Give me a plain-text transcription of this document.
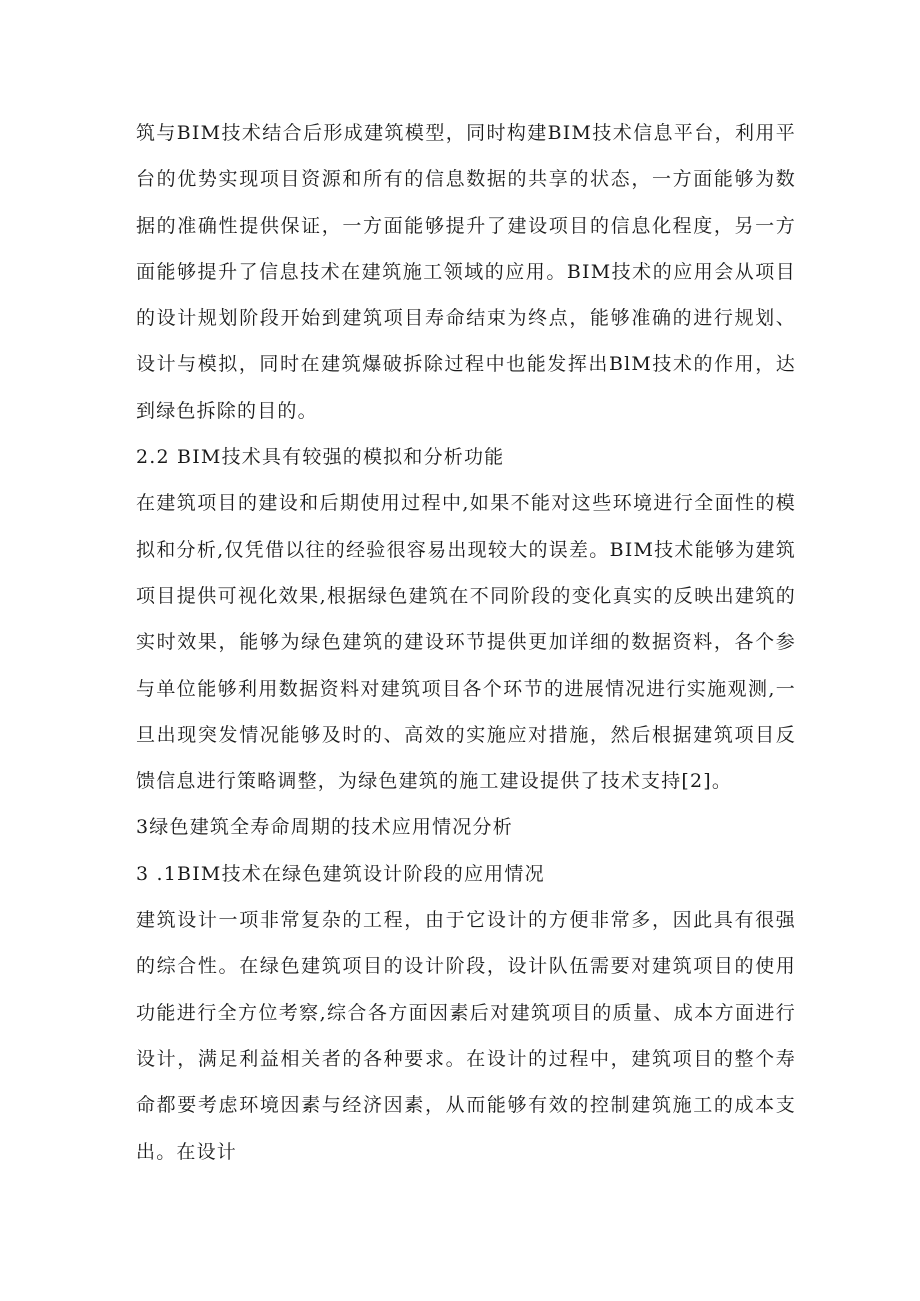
筑与BIM技术结合后形成建筑模型，同时构建BIM技术信息平台，利用平台的优势实现项目资源和所有的信息数据的共享的状态，一方面能够为数据的准确性提供保证，一方面能够提升了建设项目的信息化程度，另一方面能够提升了信息技术在建筑施工领域的应用。BIM技术的应用会从项目的设计规划阶段开始到建筑项目寿命结束为终点，能够准确的进行规划、设计与模拟，同时在建筑爆破拆除过程中也能发挥出BlM技术的作用，达到绿色拆除的目的。

2.2 BIM技术具有较强的模拟和分析功能

在建筑项目的建设和后期使用过程中,如果不能对这些环境进行全面性的模拟和分析,仅凭借以往的经验很容易出现较大的误差。BIM技术能够为建筑项目提供可视化效果,根据绿色建筑在不同阶段的变化真实的反映出建筑的实时效果，能够为绿色建筑的建设环节提供更加详细的数据资料，各个参与单位能够利用数据资料对建筑项目各个环节的进展情况进行实施观测,一旦出现突发情况能够及时的、高效的实施应对措施，然后根据建筑项目反馈信息进行策略调整，为绿色建筑的施工建设提供了技术支持[2]。

3绿色建筑全寿命周期的技术应用情况分析

3 .1BIM技术在绿色建筑设计阶段的应用情况

建筑设计一项非常复杂的工程，由于它设计的方便非常多，因此具有很强的综合性。在绿色建筑项目的设计阶段，设计队伍需要对建筑项目的使用功能进行全方位考察,综合各方面因素后对建筑项目的质量、成本方面进行设计，满足利益相关者的各种要求。在设计的过程中，建筑项目的整个寿命都要考虑环境因素与经济因素，从而能够有效的控制建筑施工的成本支出。在设计
